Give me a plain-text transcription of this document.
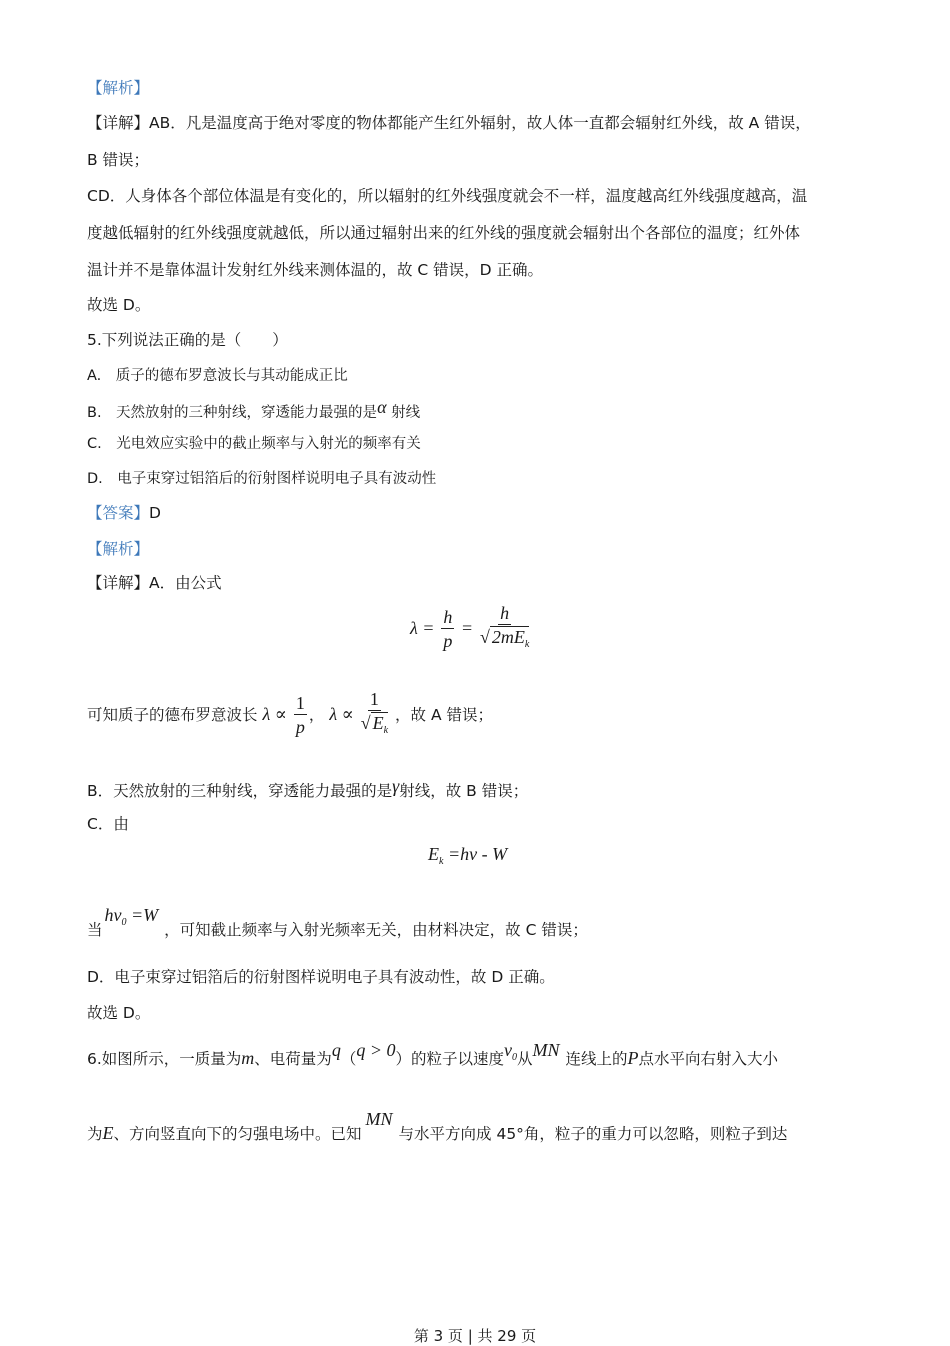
【解析】
【详解】AB．凡是温度高于绝对零度的物体都能产生红外辐射，故人体一直都会辐射红外线，故 A 错误，
B 错误；
CD．人身体各个部位体温是有变化的，所以辐射的红外线强度就会不一样，温度越高红外线强度越高，温
度越低辐射的红外线强度就越低，所以通过辐射出来的红外线的强度就会辐射出个各部位的温度；红外体
温计并不是靠体温计发射红外线来测体温的，故 C 错误，D 正确。
故选 D。
5.下列说法正确的是（　　）
A.　质子的德布罗意波长与其动能成正比
B.　天然放射的三种射线，穿透能力最强的是α 射线
C.　光电效应实验中的截止频率与入射光的频率有关
D.　电子束穿过铝箔后的衍射图样说明电子具有波动性
【答案】D
【解析】
【详解】A．由公式
$\lambda = \frac{h}{p} = \frac{h}{√ 2mE_k}$
可知质子的德布罗意波长 $\lambda \propto \frac{1}{p}$ ， $\lambda \propto \frac{1}{√ E_k}$ ，故 A 错误；
B．天然放射的三种射线，穿透能力最强的是γ射线，故 B 错误；
C．由
$E_k =h\nu - W$
当$h\nu_0 =W$，可知截止频率与入射光频率无关，由材料决定，故 C 错误；
D．电子束穿过铝箔后的衍射图样说明电子具有波动性，故 D 正确。
故选 D。
6.如图所示，一质量为m、电荷量为q（q > 0）的粒子以速度$v_0$从MN 连线上的P点水平向右射入大小
为E、方向竖直向下的匀强电场中。已知MN与水平方向成 45°角，粒子的重力可以忽略，则粒子到达
第 3 页 | 共 29 页
